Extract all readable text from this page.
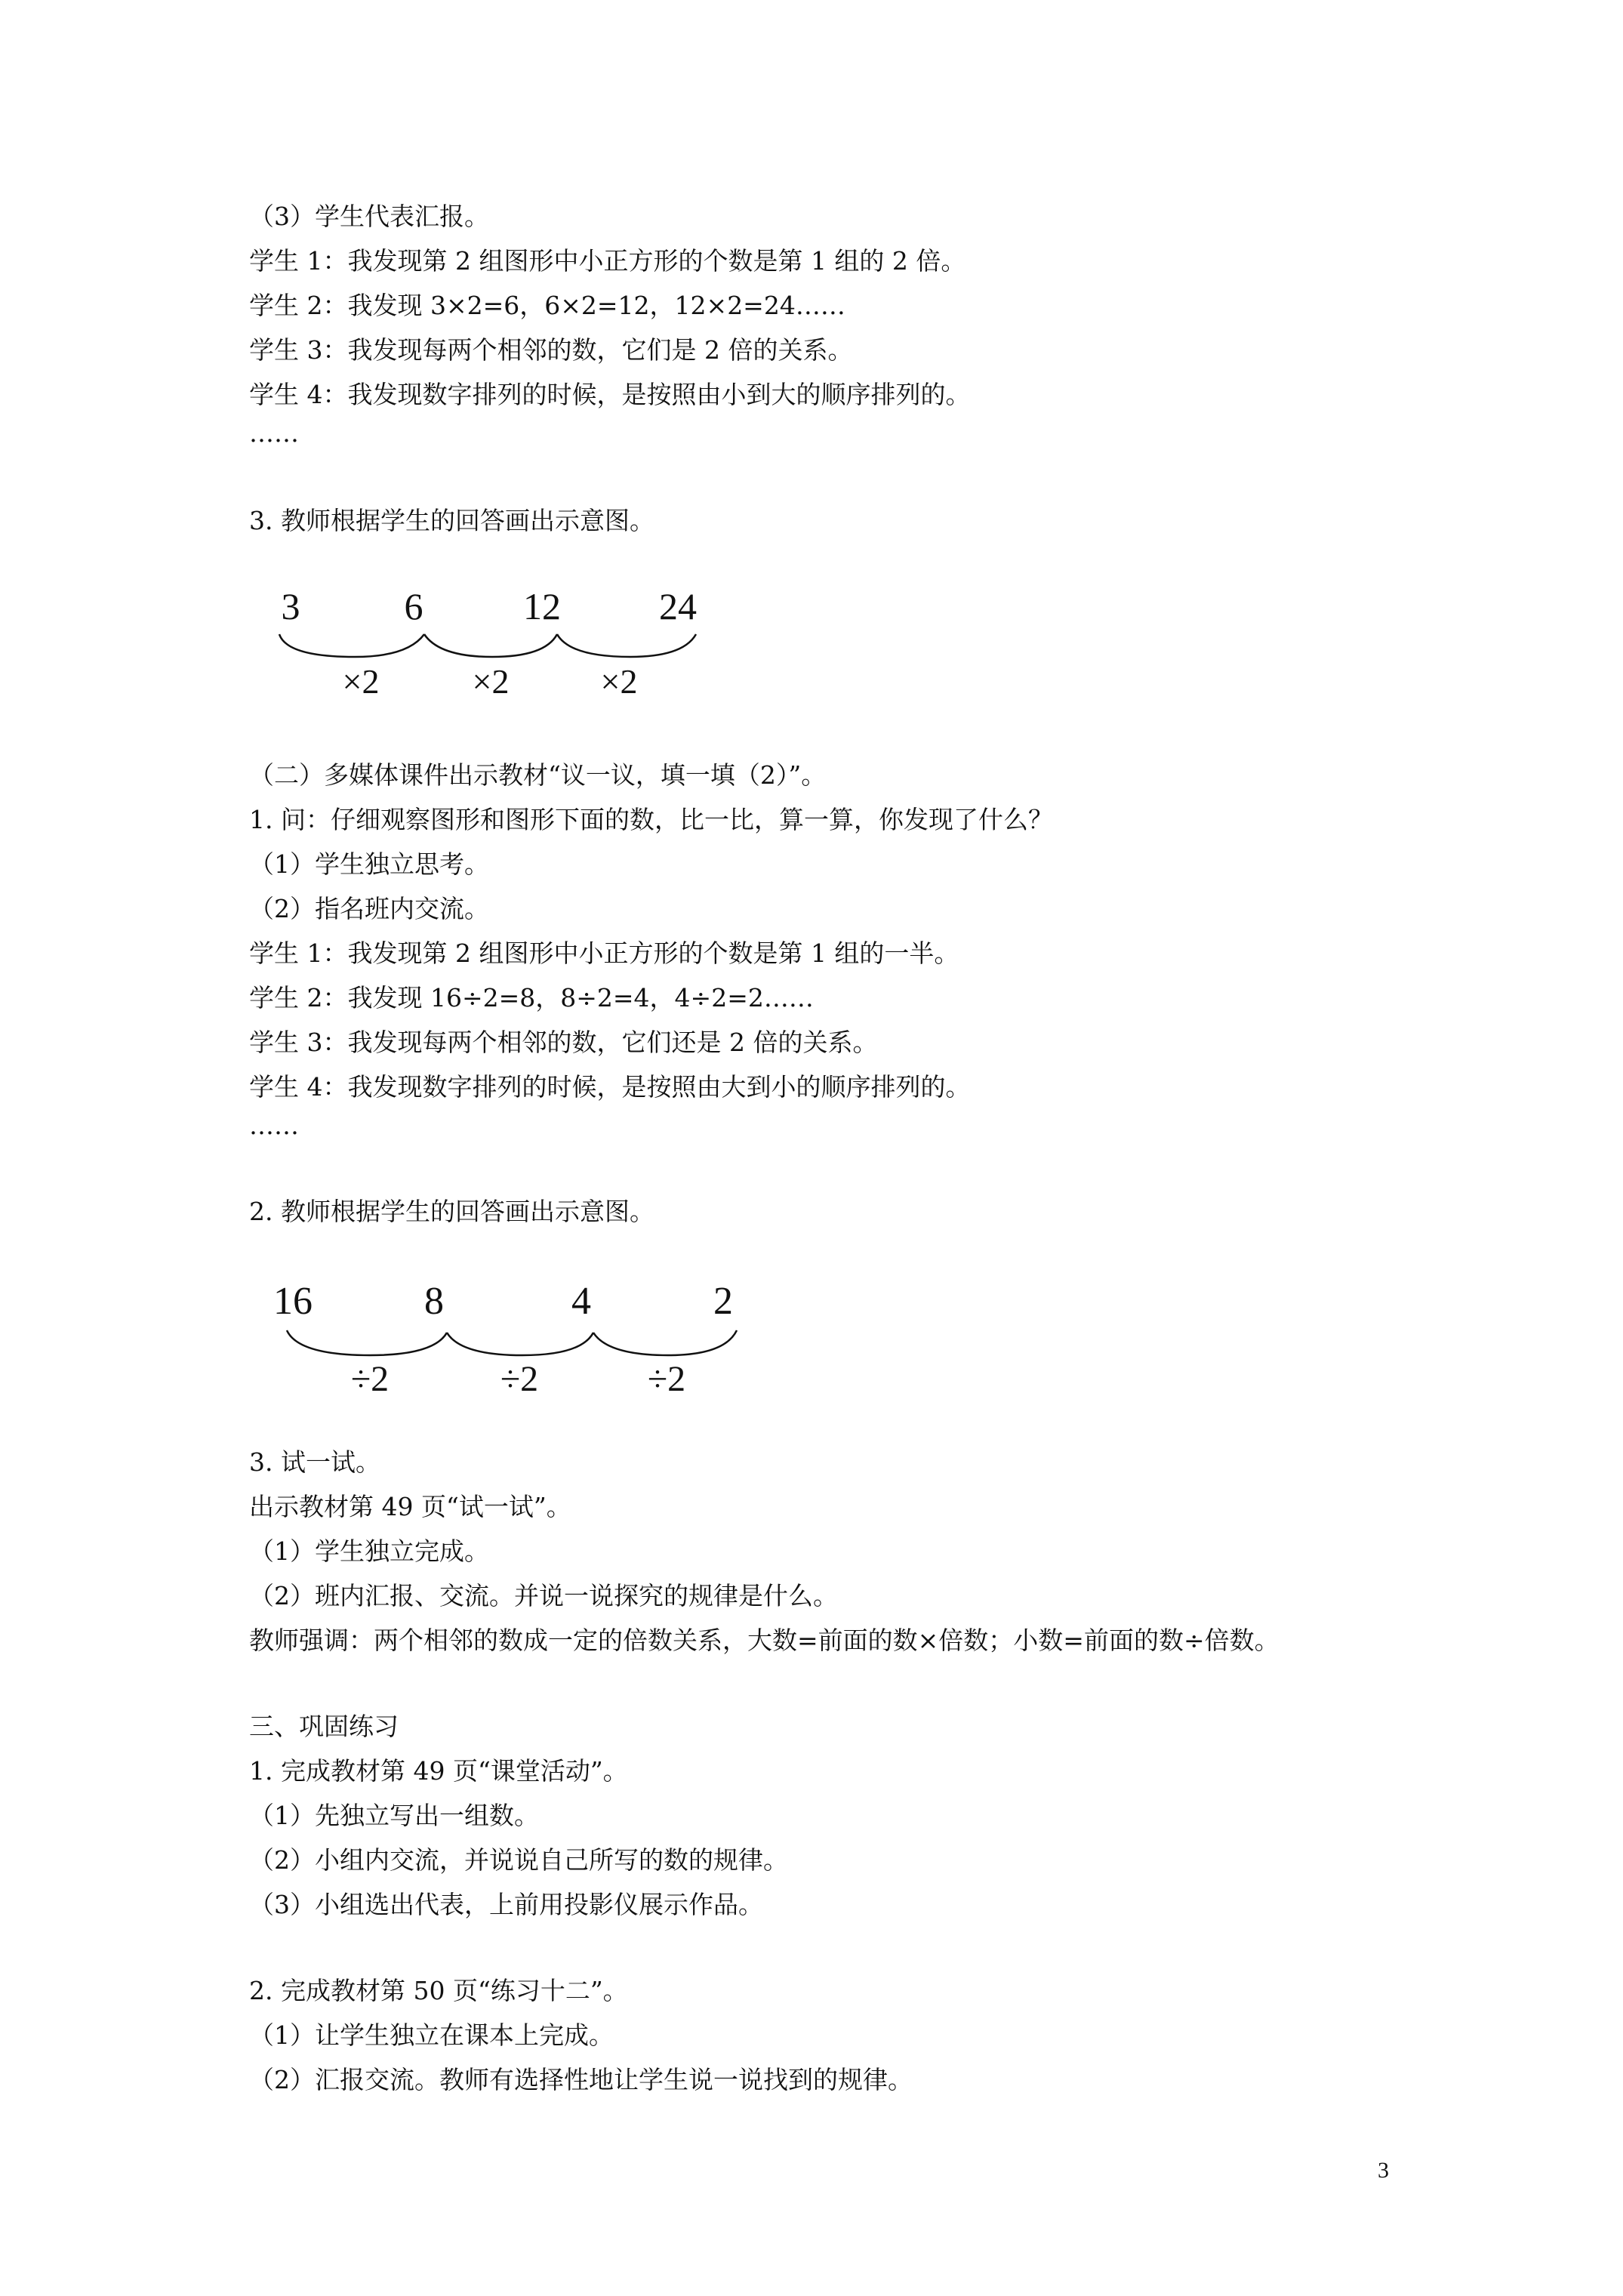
（3）学生代表汇报。
学生 1：我发现第 2 组图形中小正方形的个数是第 1 组的 2 倍。
学生 2：我发现 3×2=6，6×2=12，12×2=24……
学生 3：我发现每两个相邻的数，它们是 2 倍的关系。
学生 4：我发现数字排列的时候，是按照由小到大的顺序排列的。
……
3. 教师根据学生的回答画出示意图。
3	6	12	24
×2	×2	×2
（二）多媒体课件出示教材“议一议，填一填（2）”。
1. 问：仔细观察图形和图形下面的数，比一比，算一算，你发现了什么？
（1）学生独立思考。
（2）指名班内交流。
学生 1：我发现第 2 组图形中小正方形的个数是第 1 组的一半。
学生 2：我发现 16÷2=8，8÷2=4，4÷2=2……
学生 3：我发现每两个相邻的数，它们还是 2 倍的关系。
学生 4：我发现数字排列的时候，是按照由大到小的顺序排列的。
……
2. 教师根据学生的回答画出示意图。
16	8	4	2
÷2	÷2	÷2
3. 试一试。
出示教材第 49 页“试一试”。
（1）学生独立完成。
（2）班内汇报、交流。并说一说探究的规律是什么。
教师强调：两个相邻的数成一定的倍数关系，大数=前面的数×倍数；小数=前面的数÷倍数。
三、巩固练习
1. 完成教材第 49 页“课堂活动”。
（1）先独立写出一组数。
（2）小组内交流，并说说自己所写的数的规律。
（3）小组选出代表，上前用投影仪展示作品。
2. 完成教材第 50 页“练习十二”。
（1）让学生独立在课本上完成。
（2）汇报交流。教师有选择性地让学生说一说找到的规律。
3
